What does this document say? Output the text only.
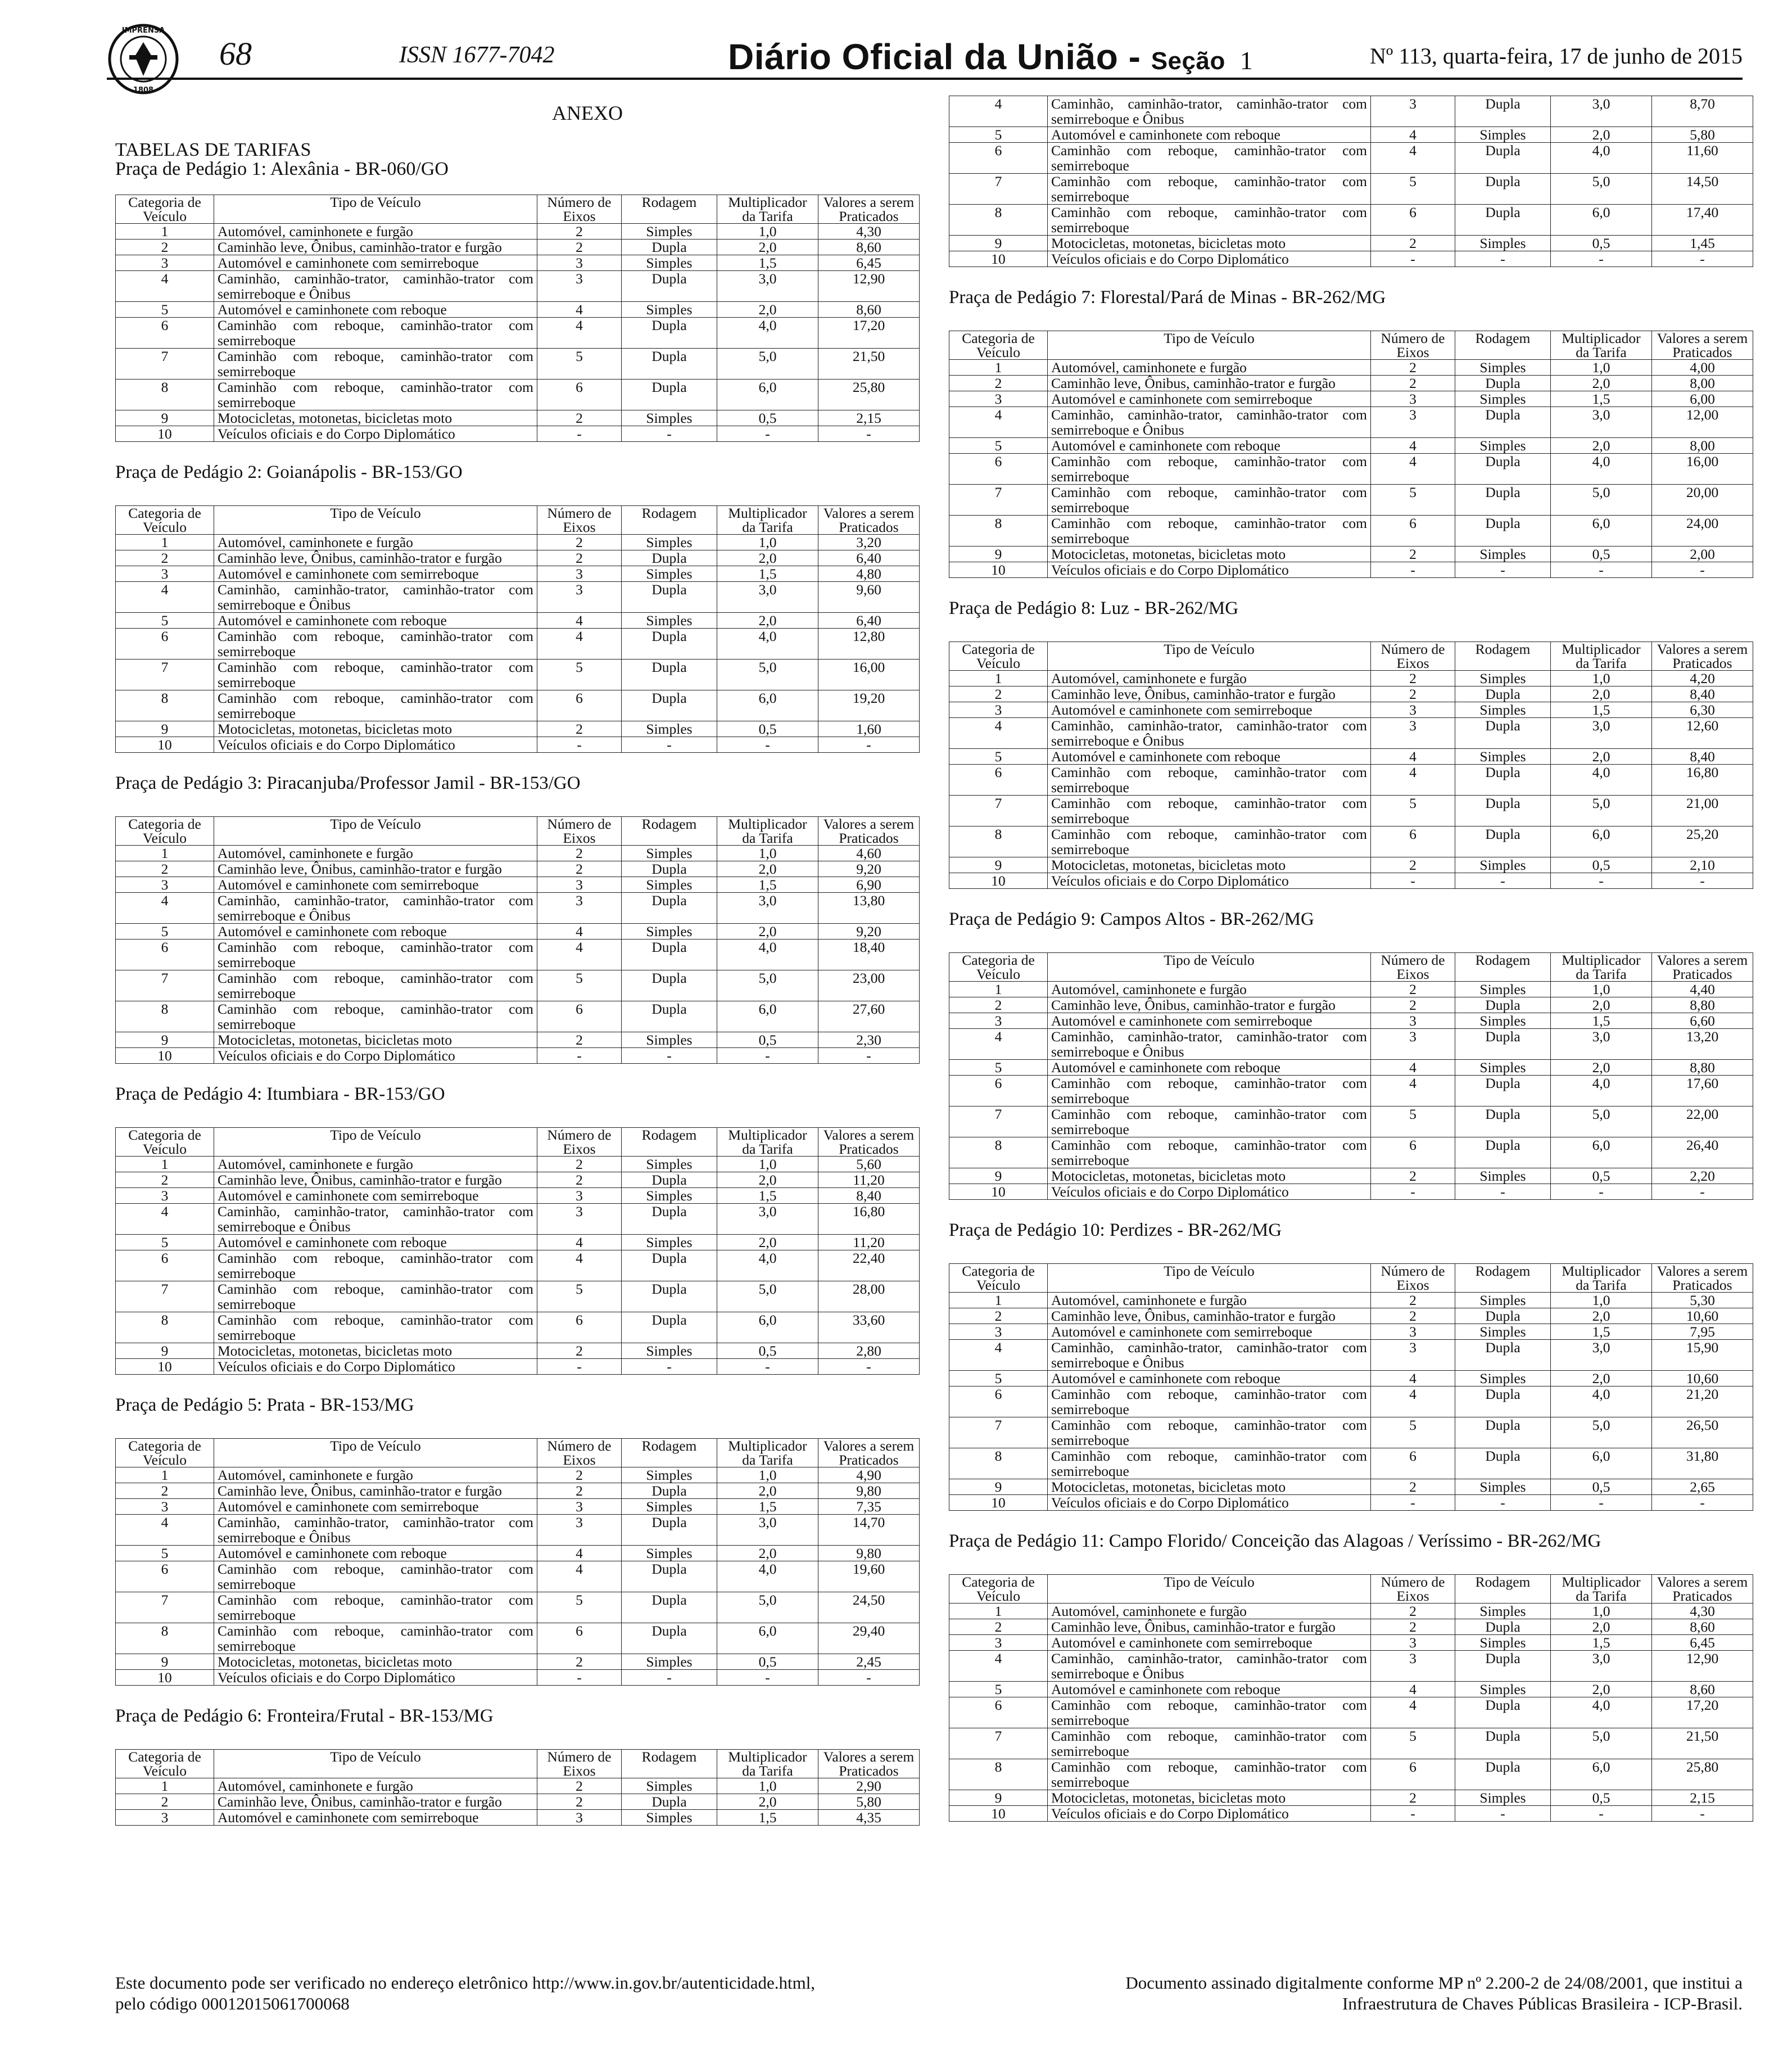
IMPRENSA
1808
68	ISSN 1677-7042	Diário Oficial da União - Seção 1	Nº 113, quarta-feira, 17 de junho de 2015
ANEXO
TABELAS DE TARIFAS
Praça de Pedágio 1: Alexânia - BR-060/GO
Categoria de Veículo	Tipo de Veículo	Número de Eixos	Rodagem	Multiplicador da Tarifa	Valores a serem Praticados
1	Automóvel, caminhonete e furgão	2	Simples	1,0	4,30
2	Caminhão leve, Ônibus, caminhão-trator e furgão	2	Dupla	2,0	8,60
3	Automóvel e caminhonete com semirreboque	3	Simples	1,5	6,45
4	Caminhão, caminhão-trator, caminhão-trator com semirreboque e Ônibus	3	Dupla	3,0	12,90
5	Automóvel e caminhonete com reboque	4	Simples	2,0	8,60
6	Caminhão com reboque, caminhão-trator com semirreboque	4	Dupla	4,0	17,20
7	Caminhão com reboque, caminhão-trator com semirreboque	5	Dupla	5,0	21,50
8	Caminhão com reboque, caminhão-trator com semirreboque	6	Dupla	6,0	25,80
9	Motocicletas, motonetas, bicicletas moto	2	Simples	0,5	2,15
10	Veículos oficiais e do Corpo Diplomático	-	-	-	-
Praça de Pedágio 2: Goianápolis - BR-153/GO
Categoria de Veículo	Tipo de Veículo	Número de Eixos	Rodagem	Multiplicador da Tarifa	Valores a serem Praticados
1	Automóvel, caminhonete e furgão	2	Simples	1,0	3,20
2	Caminhão leve, Ônibus, caminhão-trator e furgão	2	Dupla	2,0	6,40
3	Automóvel e caminhonete com semirreboque	3	Simples	1,5	4,80
4	Caminhão, caminhão-trator, caminhão-trator com semirreboque e Ônibus	3	Dupla	3,0	9,60
5	Automóvel e caminhonete com reboque	4	Simples	2,0	6,40
6	Caminhão com reboque, caminhão-trator com semirreboque	4	Dupla	4,0	12,80
7	Caminhão com reboque, caminhão-trator com semirreboque	5	Dupla	5,0	16,00
8	Caminhão com reboque, caminhão-trator com semirreboque	6	Dupla	6,0	19,20
9	Motocicletas, motonetas, bicicletas moto	2	Simples	0,5	1,60
10	Veículos oficiais e do Corpo Diplomático	-	-	-	-
Praça de Pedágio 3: Piracanjuba/Professor Jamil - BR-153/GO
Categoria de Veículo	Tipo de Veículo	Número de Eixos	Rodagem	Multiplicador da Tarifa	Valores a serem Praticados
1	Automóvel, caminhonete e furgão	2	Simples	1,0	4,60
2	Caminhão leve, Ônibus, caminhão-trator e furgão	2	Dupla	2,0	9,20
3	Automóvel e caminhonete com semirreboque	3	Simples	1,5	6,90
4	Caminhão, caminhão-trator, caminhão-trator com semirreboque e Ônibus	3	Dupla	3,0	13,80
5	Automóvel e caminhonete com reboque	4	Simples	2,0	9,20
6	Caminhão com reboque, caminhão-trator com semirreboque	4	Dupla	4,0	18,40
7	Caminhão com reboque, caminhão-trator com semirreboque	5	Dupla	5,0	23,00
8	Caminhão com reboque, caminhão-trator com semirreboque	6	Dupla	6,0	27,60
9	Motocicletas, motonetas, bicicletas moto	2	Simples	0,5	2,30
10	Veículos oficiais e do Corpo Diplomático	-	-	-	-
Praça de Pedágio 4: Itumbiara - BR-153/GO
Categoria de Veículo	Tipo de Veículo	Número de Eixos	Rodagem	Multiplicador da Tarifa	Valores a serem Praticados
1	Automóvel, caminhonete e furgão	2	Simples	1,0	5,60
2	Caminhão leve, Ônibus, caminhão-trator e furgão	2	Dupla	2,0	11,20
3	Automóvel e caminhonete com semirreboque	3	Simples	1,5	8,40
4	Caminhão, caminhão-trator, caminhão-trator com semirreboque e Ônibus	3	Dupla	3,0	16,80
5	Automóvel e caminhonete com reboque	4	Simples	2,0	11,20
6	Caminhão com reboque, caminhão-trator com semirreboque	4	Dupla	4,0	22,40
7	Caminhão com reboque, caminhão-trator com semirreboque	5	Dupla	5,0	28,00
8	Caminhão com reboque, caminhão-trator com semirreboque	6	Dupla	6,0	33,60
9	Motocicletas, motonetas, bicicletas moto	2	Simples	0,5	2,80
10	Veículos oficiais e do Corpo Diplomático	-	-	-	-
Praça de Pedágio 5: Prata - BR-153/MG
Categoria de Veículo	Tipo de Veículo	Número de Eixos	Rodagem	Multiplicador da Tarifa	Valores a serem Praticados
1	Automóvel, caminhonete e furgão	2	Simples	1,0	4,90
2	Caminhão leve, Ônibus, caminhão-trator e furgão	2	Dupla	2,0	9,80
3	Automóvel e caminhonete com semirreboque	3	Simples	1,5	7,35
4	Caminhão, caminhão-trator, caminhão-trator com semirreboque e Ônibus	3	Dupla	3,0	14,70
5	Automóvel e caminhonete com reboque	4	Simples	2,0	9,80
6	Caminhão com reboque, caminhão-trator com semirreboque	4	Dupla	4,0	19,60
7	Caminhão com reboque, caminhão-trator com semirreboque	5	Dupla	5,0	24,50
8	Caminhão com reboque, caminhão-trator com semirreboque	6	Dupla	6,0	29,40
9	Motocicletas, motonetas, bicicletas moto	2	Simples	0,5	2,45
10	Veículos oficiais e do Corpo Diplomático	-	-	-	-
Praça de Pedágio 6: Fronteira/Frutal - BR-153/MG
Categoria de Veículo	Tipo de Veículo	Número de Eixos	Rodagem	Multiplicador da Tarifa	Valores a serem Praticados
1	Automóvel, caminhonete e furgão	2	Simples	1,0	2,90
2	Caminhão leve, Ônibus, caminhão-trator e furgão	2	Dupla	2,0	5,80
3	Automóvel e caminhonete com semirreboque	3	Simples	1,5	4,35
4	Caminhão, caminhão-trator, caminhão-trator com semirreboque e Ônibus	3	Dupla	3,0	8,70
5	Automóvel e caminhonete com reboque	4	Simples	2,0	5,80
6	Caminhão com reboque, caminhão-trator com semirreboque	4	Dupla	4,0	11,60
7	Caminhão com reboque, caminhão-trator com semirreboque	5	Dupla	5,0	14,50
8	Caminhão com reboque, caminhão-trator com semirreboque	6	Dupla	6,0	17,40
9	Motocicletas, motonetas, bicicletas moto	2	Simples	0,5	1,45
10	Veículos oficiais e do Corpo Diplomático	-	-	-	-
Praça de Pedágio 7: Florestal/Pará de Minas - BR-262/MG
Categoria de Veículo	Tipo de Veículo	Número de Eixos	Rodagem	Multiplicador da Tarifa	Valores a serem Praticados
1	Automóvel, caminhonete e furgão	2	Simples	1,0	4,00
2	Caminhão leve, Ônibus, caminhão-trator e furgão	2	Dupla	2,0	8,00
3	Automóvel e caminhonete com semirreboque	3	Simples	1,5	6,00
4	Caminhão, caminhão-trator, caminhão-trator com semirreboque e Ônibus	3	Dupla	3,0	12,00
5	Automóvel e caminhonete com reboque	4	Simples	2,0	8,00
6	Caminhão com reboque, caminhão-trator com semirreboque	4	Dupla	4,0	16,00
7	Caminhão com reboque, caminhão-trator com semirreboque	5	Dupla	5,0	20,00
8	Caminhão com reboque, caminhão-trator com semirreboque	6	Dupla	6,0	24,00
9	Motocicletas, motonetas, bicicletas moto	2	Simples	0,5	2,00
10	Veículos oficiais e do Corpo Diplomático	-	-	-	-
Praça de Pedágio 8: Luz - BR-262/MG
Categoria de Veículo	Tipo de Veículo	Número de Eixos	Rodagem	Multiplicador da Tarifa	Valores a serem Praticados
1	Automóvel, caminhonete e furgão	2	Simples	1,0	4,20
2	Caminhão leve, Ônibus, caminhão-trator e furgão	2	Dupla	2,0	8,40
3	Automóvel e caminhonete com semirreboque	3	Simples	1,5	6,30
4	Caminhão, caminhão-trator, caminhão-trator com semirreboque e Ônibus	3	Dupla	3,0	12,60
5	Automóvel e caminhonete com reboque	4	Simples	2,0	8,40
6	Caminhão com reboque, caminhão-trator com semirreboque	4	Dupla	4,0	16,80
7	Caminhão com reboque, caminhão-trator com semirreboque	5	Dupla	5,0	21,00
8	Caminhão com reboque, caminhão-trator com semirreboque	6	Dupla	6,0	25,20
9	Motocicletas, motonetas, bicicletas moto	2	Simples	0,5	2,10
10	Veículos oficiais e do Corpo Diplomático	-	-	-	-
Praça de Pedágio 9: Campos Altos - BR-262/MG
Categoria de Veículo	Tipo de Veículo	Número de Eixos	Rodagem	Multiplicador da Tarifa	Valores a serem Praticados
1	Automóvel, caminhonete e furgão	2	Simples	1,0	4,40
2	Caminhão leve, Ônibus, caminhão-trator e furgão	2	Dupla	2,0	8,80
3	Automóvel e caminhonete com semirreboque	3	Simples	1,5	6,60
4	Caminhão, caminhão-trator, caminhão-trator com semirreboque e Ônibus	3	Dupla	3,0	13,20
5	Automóvel e caminhonete com reboque	4	Simples	2,0	8,80
6	Caminhão com reboque, caminhão-trator com semirreboque	4	Dupla	4,0	17,60
7	Caminhão com reboque, caminhão-trator com semirreboque	5	Dupla	5,0	22,00
8	Caminhão com reboque, caminhão-trator com semirreboque	6	Dupla	6,0	26,40
9	Motocicletas, motonetas, bicicletas moto	2	Simples	0,5	2,20
10	Veículos oficiais e do Corpo Diplomático	-	-	-	-
Praça de Pedágio 10: Perdizes - BR-262/MG
Categoria de Veículo	Tipo de Veículo	Número de Eixos	Rodagem	Multiplicador da Tarifa	Valores a serem Praticados
1	Automóvel, caminhonete e furgão	2	Simples	1,0	5,30
2	Caminhão leve, Ônibus, caminhão-trator e furgão	2	Dupla	2,0	10,60
3	Automóvel e caminhonete com semirreboque	3	Simples	1,5	7,95
4	Caminhão, caminhão-trator, caminhão-trator com semirreboque e Ônibus	3	Dupla	3,0	15,90
5	Automóvel e caminhonete com reboque	4	Simples	2,0	10,60
6	Caminhão com reboque, caminhão-trator com semirreboque	4	Dupla	4,0	21,20
7	Caminhão com reboque, caminhão-trator com semirreboque	5	Dupla	5,0	26,50
8	Caminhão com reboque, caminhão-trator com semirreboque	6	Dupla	6,0	31,80
9	Motocicletas, motonetas, bicicletas moto	2	Simples	0,5	2,65
10	Veículos oficiais e do Corpo Diplomático	-	-	-	-
Praça de Pedágio 11: Campo Florido/ Conceição das Alagoas / Veríssimo - BR-262/MG
Categoria de Veículo	Tipo de Veículo	Número de Eixos	Rodagem	Multiplicador da Tarifa	Valores a serem Praticados
1	Automóvel, caminhonete e furgão	2	Simples	1,0	4,30
2	Caminhão leve, Ônibus, caminhão-trator e furgão	2	Dupla	2,0	8,60
3	Automóvel e caminhonete com semirreboque	3	Simples	1,5	6,45
4	Caminhão, caminhão-trator, caminhão-trator com semirreboque e Ônibus	3	Dupla	3,0	12,90
5	Automóvel e caminhonete com reboque	4	Simples	2,0	8,60
6	Caminhão com reboque, caminhão-trator com semirreboque	4	Dupla	4,0	17,20
7	Caminhão com reboque, caminhão-trator com semirreboque	5	Dupla	5,0	21,50
8	Caminhão com reboque, caminhão-trator com semirreboque	6	Dupla	6,0	25,80
9	Motocicletas, motonetas, bicicletas moto	2	Simples	0,5	2,15
10	Veículos oficiais e do Corpo Diplomático	-	-	-	-
Este documento pode ser verificado no endereço eletrônico http://www.in.gov.br/autenticidade.html,
pelo código 00012015061700068
Documento assinado digitalmente conforme MP nº 2.200-2 de 24/08/2001, que institui a
Infraestrutura de Chaves Públicas Brasileira - ICP-Brasil.
